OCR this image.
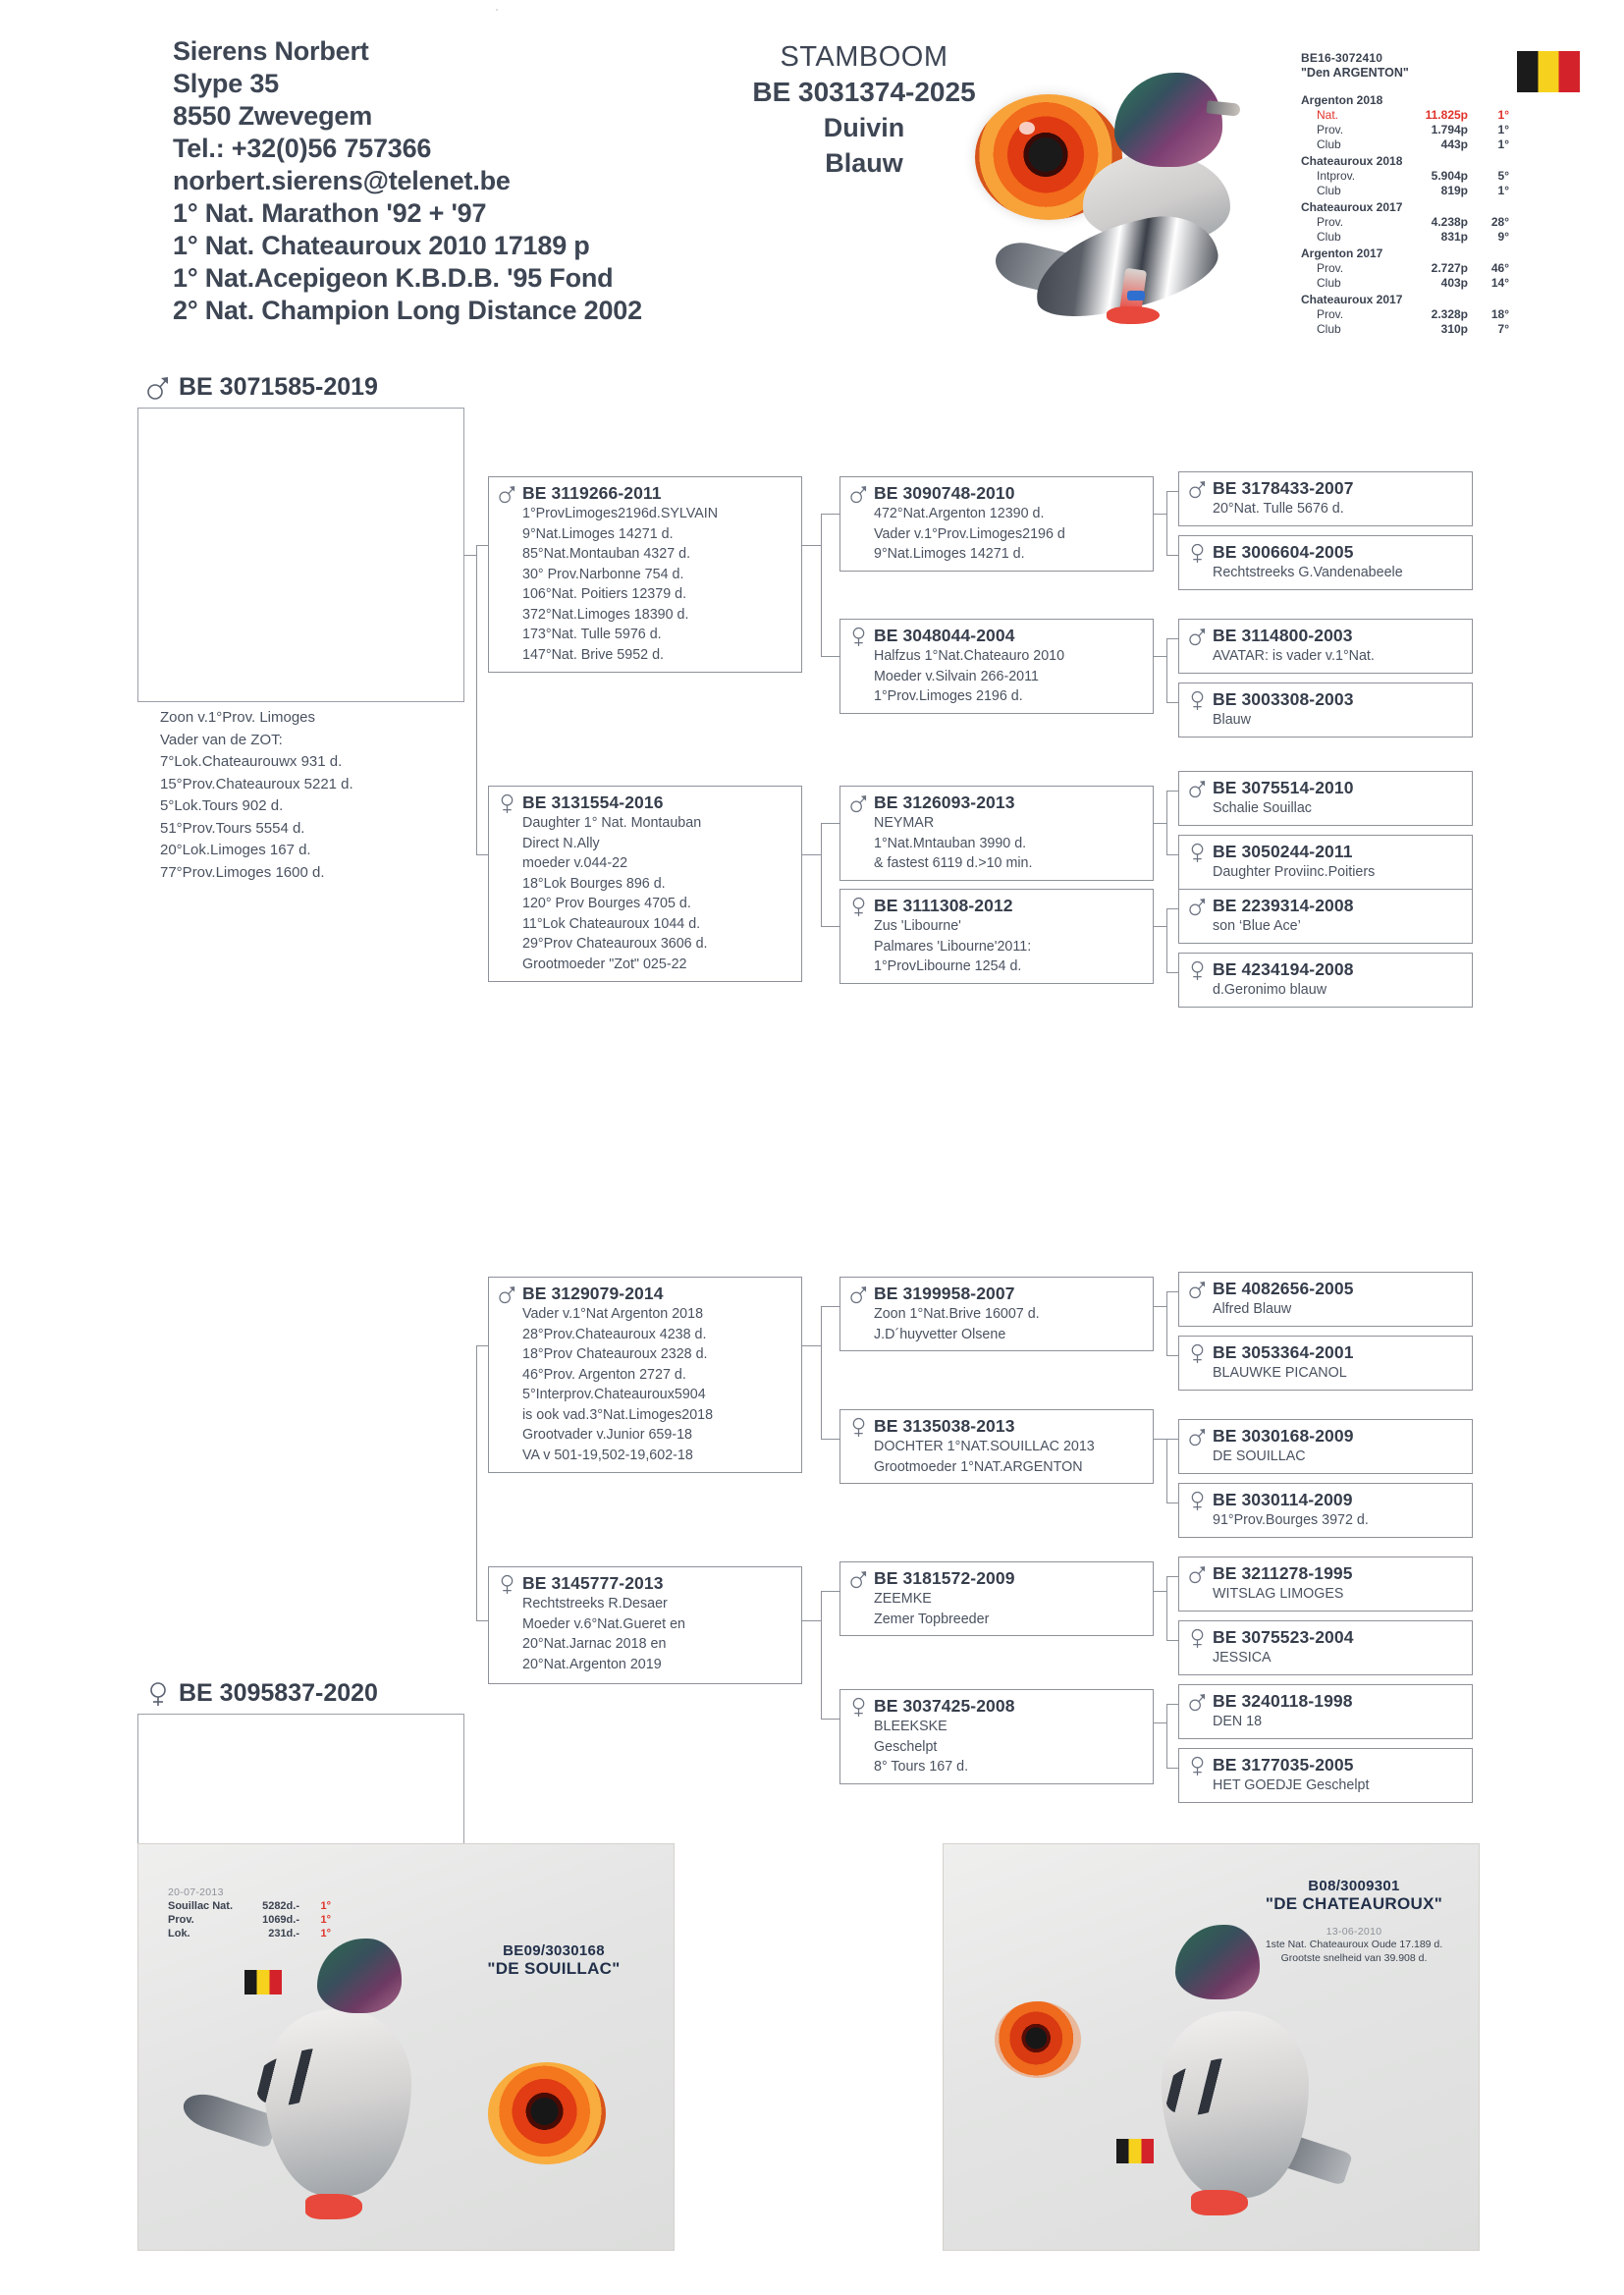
ʼ
Sierens Norbert
Slype 35
8550 Zwevegem
Tel.: +32(0)56 757366
norbert.sierens@telenet.be
1° Nat. Marathon '92 + '97
1° Nat. Chateauroux 2010 17189 p
1° Nat.Acepigeon K.B.D.B. '95 Fond
2° Nat. Champion Long Distance 2002
STAMBOOM
BE 3031374-2025
Duivin
Blauw
BE16-3072410
"Den ARGENTON"
Argenton 2018
Nat.	11.825p	1°
Prov.	1.794p	1°
Club	443p	1°
Chateauroux 2018
Intprov.	5.904p	5°
Club	819p	1°
Chateauroux 2017
Prov.	4.238p	28°
Club	831p	9°
Argenton 2017
Prov.	2.727p	46°
Club	403p	14°
Chateauroux 2017
Prov.	2.328p	18°
Club	310p	7°
BE 3071585-2019
Zoon v.1°Prov. Limoges
Vader van de ZOT:
7°Lok.Chateaurouwx 931 d.
15°Prov.Chateauroux 5221 d.
5°Lok.Tours 902 d.
51°Prov.Tours 5554 d.
20°Lok.Limoges 167 d.
77°Prov.Limoges 1600 d.
BE 3095837-2020
BE 3119266-2011
1°ProvLimoges2196d.SYLVAIN
9°Nat.Limoges 14271 d.
85°Nat.Montauban 4327 d.
30° Prov.Narbonne 754 d.
106°Nat. Poitiers 12379 d.
372°Nat.Limoges 18390 d.
173°Nat. Tulle 5976 d.
147°Nat. Brive 5952 d.
BE 3131554-2016
Daughter 1° Nat. Montauban
Direct N.Ally
moeder v.044-22
18°Lok Bourges 896 d.
120° Prov Bourges 4705 d.
11°Lok Chateauroux 1044 d.
29°Prov Chateauroux 3606 d.
Grootmoeder "Zot" 025-22
BE 3129079-2014
Vader v.1°Nat Argenton 2018
28°Prov.Chateauroux 4238 d.
18°Prov Chateauroux 2328 d.
46°Prov. Argenton 2727 d.
5°Interprov.Chateauroux5904
is ook vad.3°Nat.Limoges2018
Grootvader v.Junior 659-18
VA v 501-19,502-19,602-18
BE 3145777-2013
Rechtstreeks R.Desaer
Moeder v.6°Nat.Gueret en
20°Nat.Jarnac 2018 en
20°Nat.Argenton 2019
BE 3090748-2010
472°Nat.Argenton 12390 d.
Vader v.1°Prov.Limoges2196 d
9°Nat.Limoges 14271 d.
BE 3048044-2004
Halfzus 1°Nat.Chateauro 2010
Moeder v.Silvain 266-2011
1°Prov.Limoges 2196 d.
BE 3126093-2013
NEYMAR
1°Nat.Mntauban 3990 d.
& fastest 6119 d.>10 min.
BE 3111308-2012
Zus 'Libourne'
Palmares 'Libourne'2011:
1°ProvLibourne 1254 d.
BE 3199958-2007
Zoon 1°Nat.Brive 16007 d.
J.D´huyvetter Olsene
BE 3135038-2013
DOCHTER 1°NAT.SOUILLAC 2013
Grootmoeder 1°NAT.ARGENTON
BE 3181572-2009
ZEEMKE
Zemer Topbreeder
BE 3037425-2008
BLEEKSKE
Geschelpt
8° Tours 167 d.
BE 3178433-2007
20°Nat. Tulle 5676 d.
BE 3006604-2005
Rechtstreeks G.Vandenabeele
BE 3114800-2003
AVATAR: is vader v.1°Nat.
BE 3003308-2003
Blauw
BE 3075514-2010
Schalie Souillac
BE 3050244-2011
Daughter Proviinc.Poitiers
BE 2239314-2008
son ‘Blue Ace’
BE 4234194-2008
d.Geronimo blauw
BE 4082656-2005
Alfred Blauw
BE 3053364-2001
BLAUWKE PICANOL
BE 3030168-2009
DE SOUILLAC
BE 3030114-2009
91°Prov.Bourges 3972 d.
BE 3211278-1995
WITSLAG LIMOGES
BE 3075523-2004
JESSICA
BE 3240118-1998
DEN 18
BE 3177035-2005
HET GOEDJE Geschelpt
20-07-2013
Souillac Nat.	5282d.-	1°
Prov.	1069d.-	1°
Lok.	231d.-	1°
BE09/3030168
"DE SOUILLAC"
B08/3009301
"DE CHATEAUROUX"
13-06-2010
1ste Nat. Chateauroux Oude 17.189 d.
Grootste snelheid van 39.908 d.
